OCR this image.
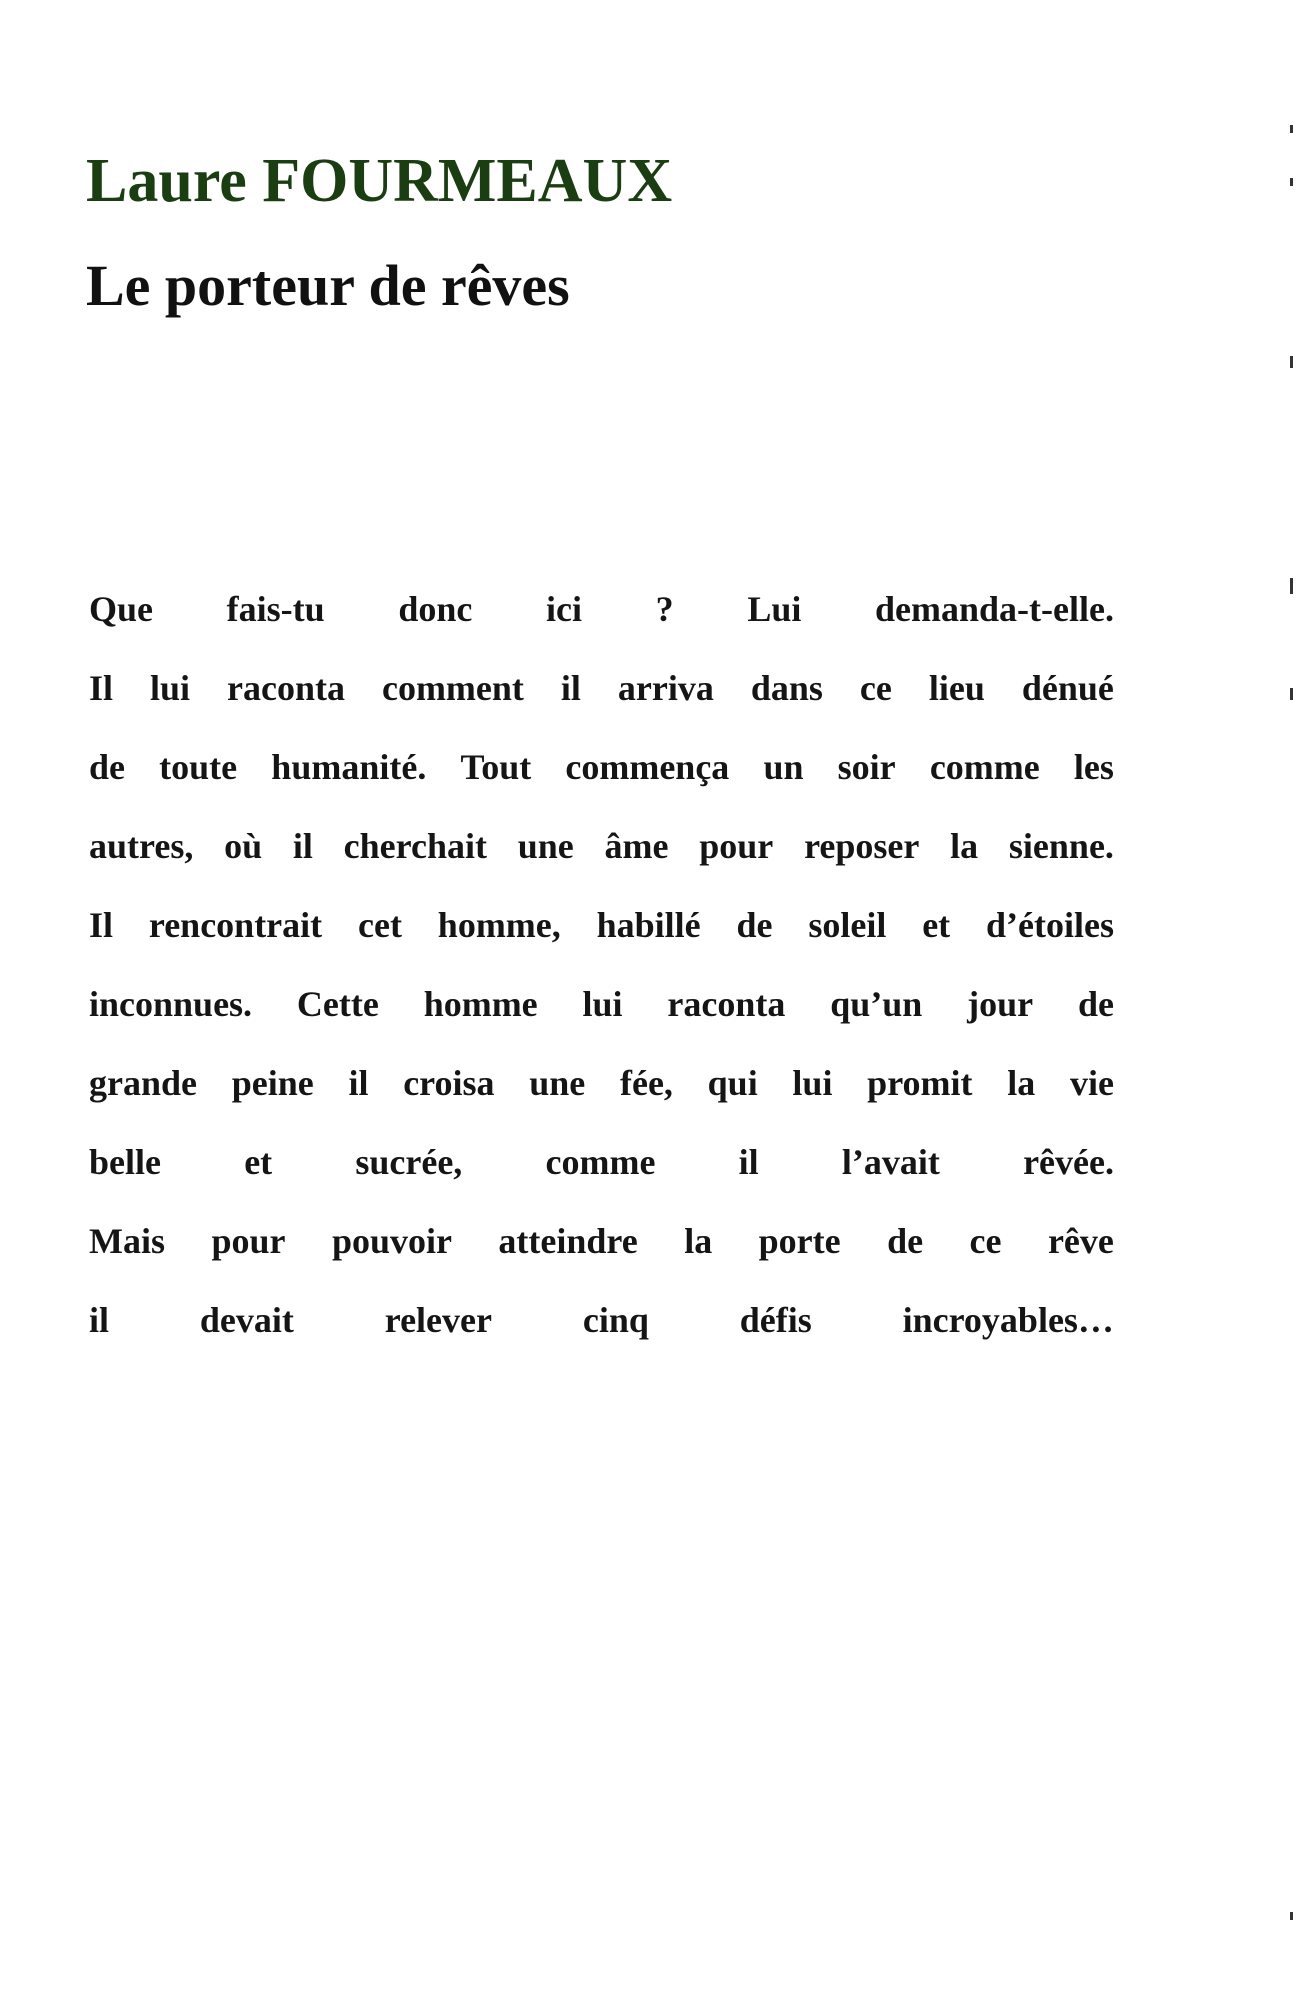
Laure FOURMEAUX
Le porteur de rêves
Que fais-tu donc ici ? Lui demanda-t-elle.
Il lui raconta comment il arriva dans ce lieu dénué
de toute humanité. Tout commença un soir comme les
autres, où il cherchait une âme pour reposer la sienne.
Il rencontrait cet homme, habillé de soleil et d’étoiles
inconnues. Cette homme lui raconta qu’un jour de
grande peine il croisa une fée, qui lui promit la vie
belle et sucrée, comme il l’avait rêvée.
Mais pour pouvoir atteindre la porte de ce rêve
il	devait	relever	cinq	défis	incroyables…
